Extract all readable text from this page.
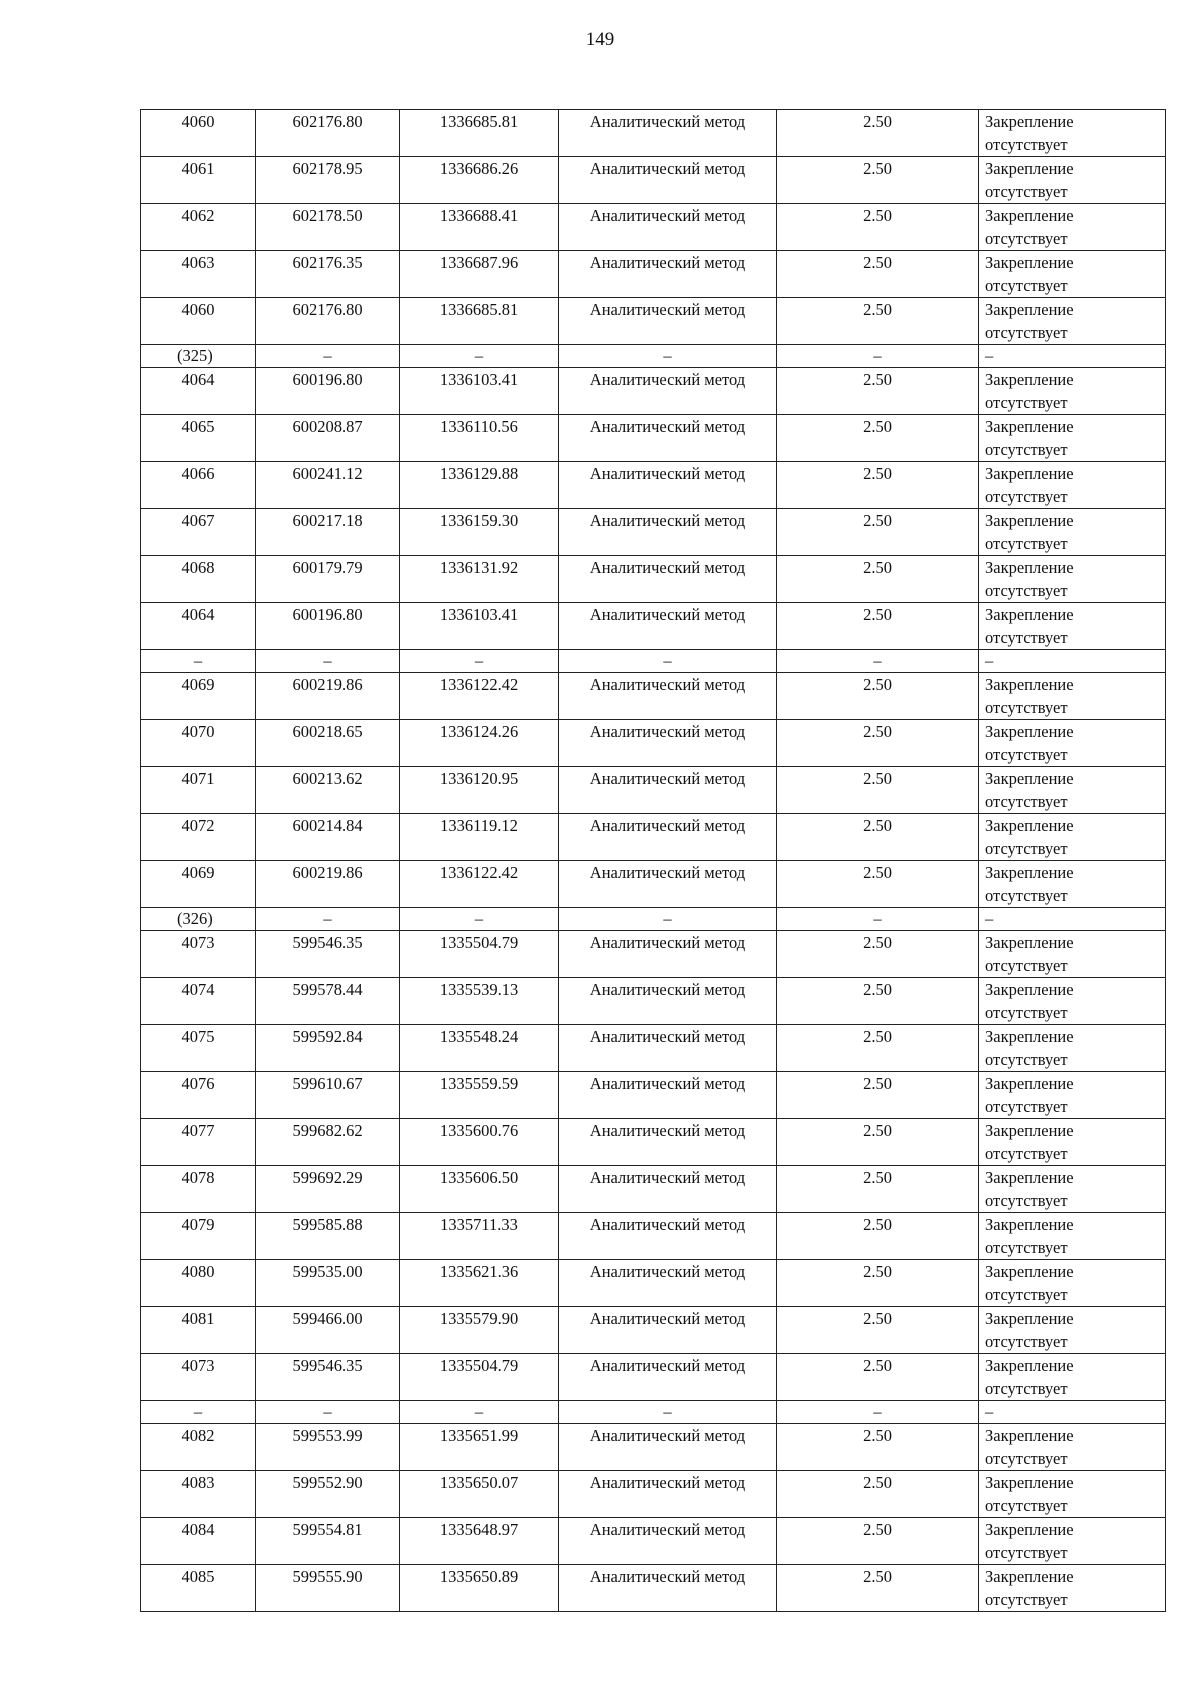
149
4060	602176.80	1336685.81	Аналитический метод	2.50	Закрепление отсутствует
4061	602178.95	1336686.26	Аналитический метод	2.50	Закрепление отсутствует
4062	602178.50	1336688.41	Аналитический метод	2.50	Закрепление отсутствует
4063	602176.35	1336687.96	Аналитический метод	2.50	Закрепление отсутствует
4060	602176.80	1336685.81	Аналитический метод	2.50	Закрепление отсутствует
(325)	–	–	–	–	–
4064	600196.80	1336103.41	Аналитический метод	2.50	Закрепление отсутствует
4065	600208.87	1336110.56	Аналитический метод	2.50	Закрепление отсутствует
4066	600241.12	1336129.88	Аналитический метод	2.50	Закрепление отсутствует
4067	600217.18	1336159.30	Аналитический метод	2.50	Закрепление отсутствует
4068	600179.79	1336131.92	Аналитический метод	2.50	Закрепление отсутствует
4064	600196.80	1336103.41	Аналитический метод	2.50	Закрепление отсутствует
–	–	–	–	–	–
4069	600219.86	1336122.42	Аналитический метод	2.50	Закрепление отсутствует
4070	600218.65	1336124.26	Аналитический метод	2.50	Закрепление отсутствует
4071	600213.62	1336120.95	Аналитический метод	2.50	Закрепление отсутствует
4072	600214.84	1336119.12	Аналитический метод	2.50	Закрепление отсутствует
4069	600219.86	1336122.42	Аналитический метод	2.50	Закрепление отсутствует
(326)	–	–	–	–	–
4073	599546.35	1335504.79	Аналитический метод	2.50	Закрепление отсутствует
4074	599578.44	1335539.13	Аналитический метод	2.50	Закрепление отсутствует
4075	599592.84	1335548.24	Аналитический метод	2.50	Закрепление отсутствует
4076	599610.67	1335559.59	Аналитический метод	2.50	Закрепление отсутствует
4077	599682.62	1335600.76	Аналитический метод	2.50	Закрепление отсутствует
4078	599692.29	1335606.50	Аналитический метод	2.50	Закрепление отсутствует
4079	599585.88	1335711.33	Аналитический метод	2.50	Закрепление отсутствует
4080	599535.00	1335621.36	Аналитический метод	2.50	Закрепление отсутствует
4081	599466.00	1335579.90	Аналитический метод	2.50	Закрепление отсутствует
4073	599546.35	1335504.79	Аналитический метод	2.50	Закрепление отсутствует
–	–	–	–	–	–
4082	599553.99	1335651.99	Аналитический метод	2.50	Закрепление отсутствует
4083	599552.90	1335650.07	Аналитический метод	2.50	Закрепление отсутствует
4084	599554.81	1335648.97	Аналитический метод	2.50	Закрепление отсутствует
4085	599555.90	1335650.89	Аналитический метод	2.50	Закрепление отсутствует
